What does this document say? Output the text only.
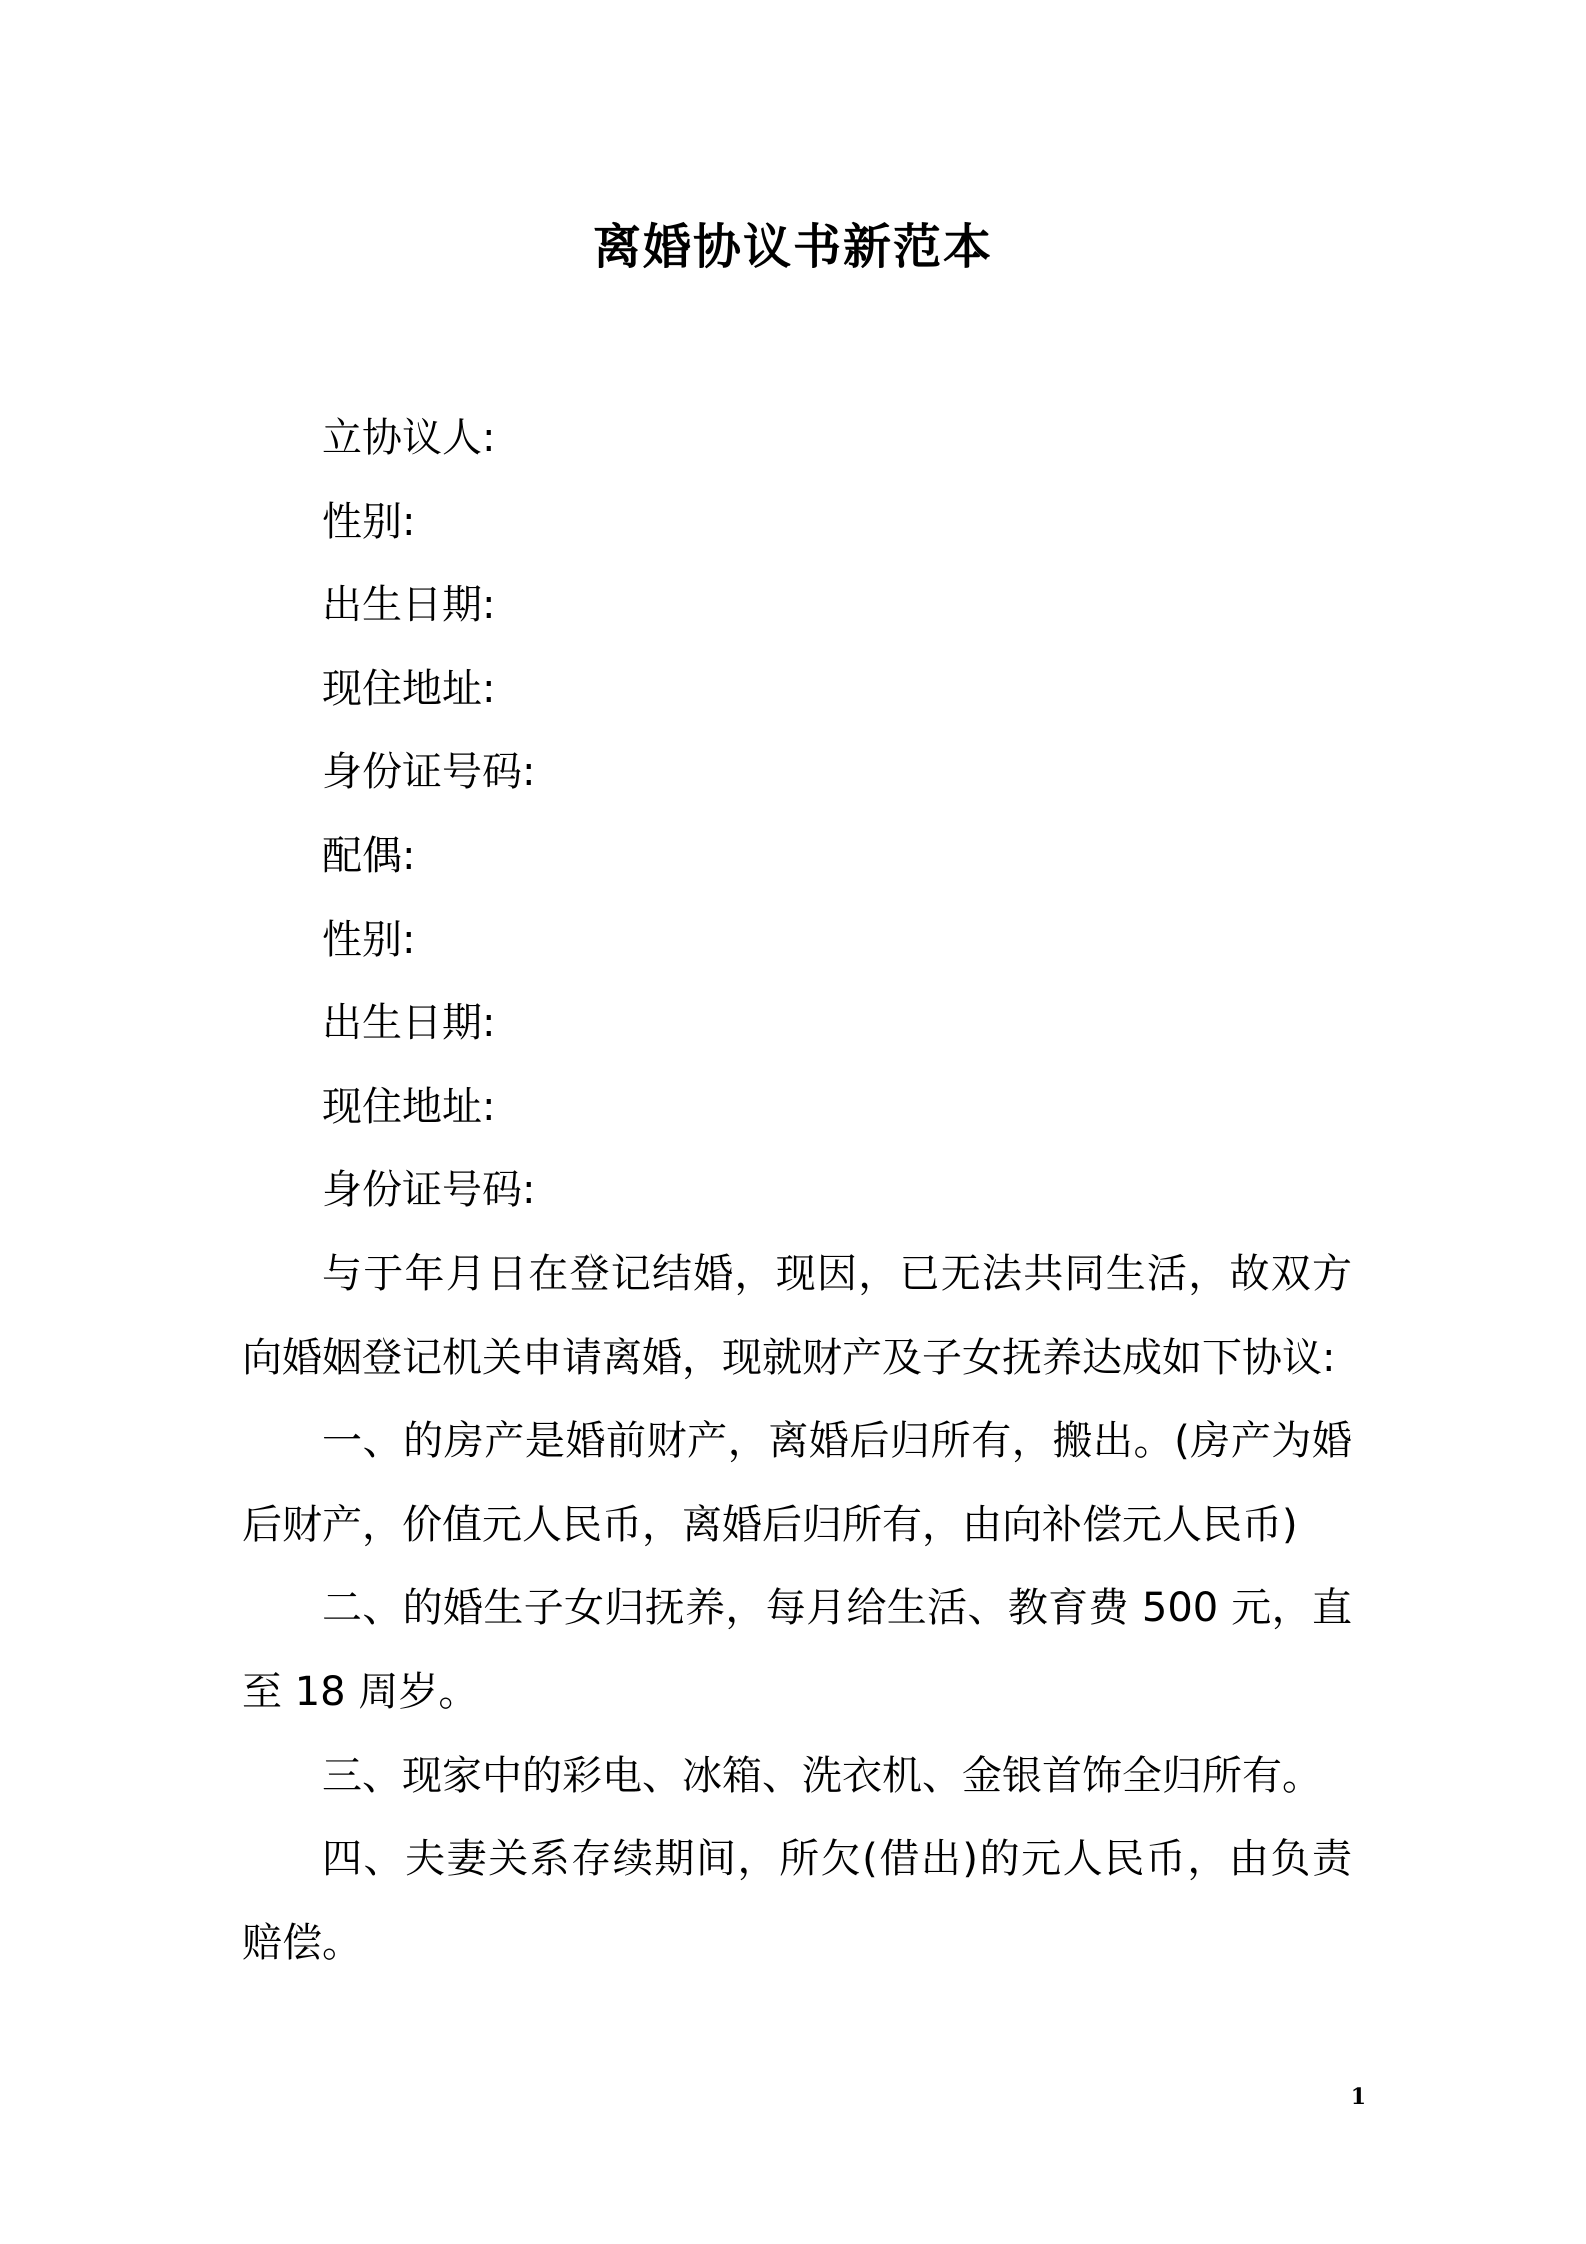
离婚协议书新范本

立协议人:

性别:

出生日期:

现住地址:

身份证号码:

配偶:

性别:

出生日期:

现住地址:

身份证号码:

与于年月日在登记结婚，现因，已无法共同生活，故双方向婚姻登记机关申请离婚，现就财产及子女抚养达成如下协议:

一、的房产是婚前财产，离婚后归所有，搬出。(房产为婚后财产，价值元人民币，离婚后归所有，由向补偿元人民币)

二、的婚生子女归抚养，每月给生活、教育费 500 元，直至 18 周岁。

三、现家中的彩电、冰箱、洗衣机、金银首饰全归所有。

四、夫妻关系存续期间，所欠(借出)的元人民币，由负责赔偿。

1
